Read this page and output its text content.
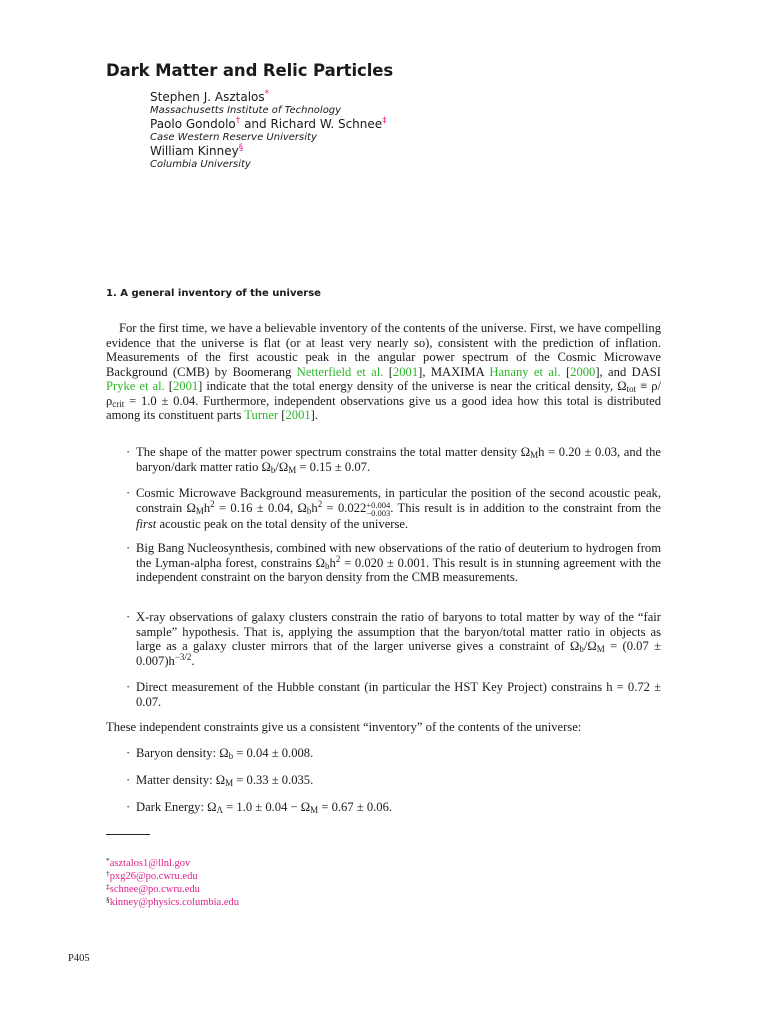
Dark Matter and Relic Particles
Stephen J. Asztalos*
Massachusetts Institute of Technology
Paolo Gondolo† and Richard W. Schnee‡
Case Western Reserve University
William Kinney§
Columbia University
1. A general inventory of the universe
For the first time, we have a believable inventory of the contents of the universe. First, we have compelling evidence that the universe is flat (or at least very nearly so), consistent with the prediction of inflation. Measurements of the first acoustic peak in the angular power spectrum of the Cosmic Microwave Background (CMB) by Boomerang Netterfield et al. [2001], MAXIMA Hanany et al. [2000], and DASI Pryke et al. [2001] indicate that the total energy density of the universe is near the critical density, $\Omega_{tot} \equiv \rho/\rho_{crit} = 1.0 \pm 0.04$. Furthermore, independent observations give us a good idea how this total is distributed among its constituent parts Turner [2001].
· The shape of the matter power spectrum constrains the total matter density $\Omega_Mh = 0.20 \pm 0.03$, and the baryon/dark matter ratio $\Omega_b/\Omega_M = 0.15 \pm 0.07$.
· Cosmic Microwave Background measurements, in particular the position of the second acoustic peak, constrain $\Omega_Mh^2 = 0.16 \pm 0.04$, $\Omega_bh^2 = 0.022+0.004$
−0.003. This result is in addition to the constraint from the first acoustic peak on the total density of the universe.
· Big Bang Nucleosynthesis, combined with new observations of the ratio of deuterium to hydrogen from the Lyman-alpha forest, constrains $\Omega_bh^2 = 0.020 \pm 0.001$. This result is in stunning agreement with the independent constraint on the baryon density from the CMB measurements.
· X-ray observations of galaxy clusters constrain the ratio of baryons to total matter by way of the “fair sample” hypothesis. That is, applying the assumption that the baryon/total matter ratio in objects as large as a galaxy cluster mirrors that of the larger universe gives a constraint of $\Omega_b/\Omega_M = (0.07 \pm 0.007)h^{-3/2}$.
· Direct measurement of the Hubble constant (in particular the HST Key Project) constrains h = 0.72 ± 0.07.
These independent constraints give us a consistent “inventory” of the contents of the universe:
· Baryon density: $\Omega_b = 0.04 \pm 0.008$.
· Matter density: $\Omega_M = 0.33 \pm 0.035$.
· Dark Energy: $\Omega_\Lambda = 1.0 \pm 0.04 - \Omega_M = 0.67 \pm 0.06$.
*asztalos1@llnl.gov
†pxg26@po.cwru.edu
‡schnee@po.cwru.edu
§kinney@physics.columbia.edu
P405
